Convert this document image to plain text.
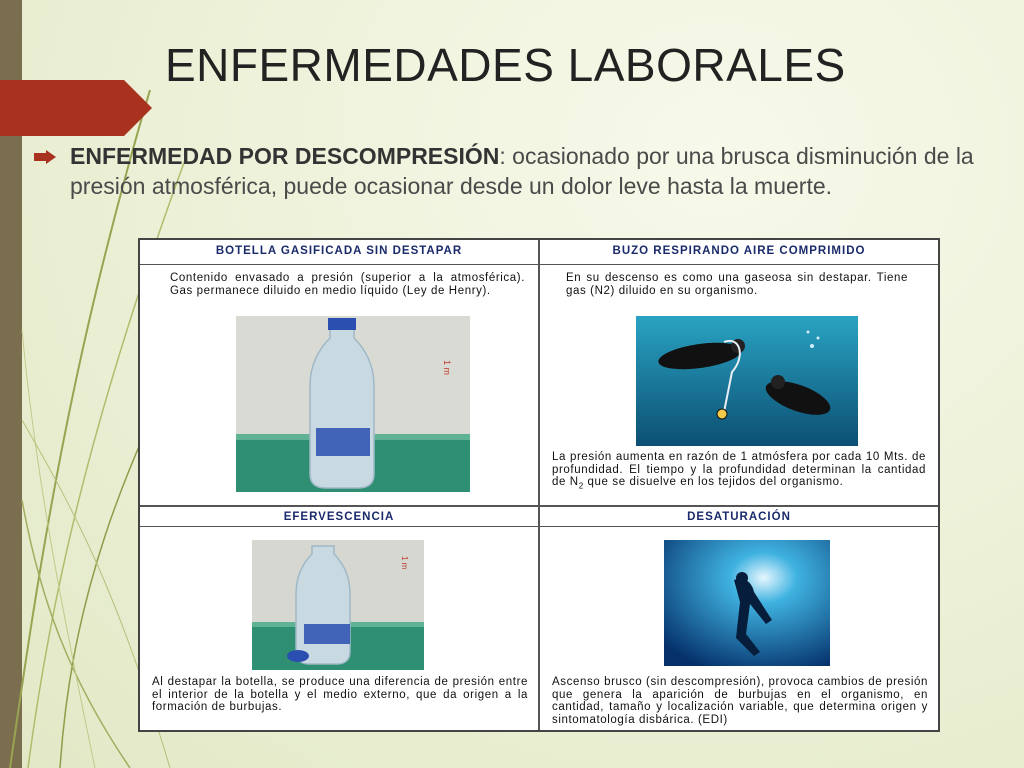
ENFERMEDADES LABORALES

ENFERMEDAD POR DESCOMPRESIÓN: ocasionado por una brusca disminución de la presión atmosférica, puede ocasionar desde un dolor leve hasta la muerte.

BOTELLA GASIFICADA SIN DESTAPAR
Contenido envasado a presión (superior a la atmosférica). Gas permanece diluido en medio líquido (Ley de Henry).
1 m
BUZO RESPIRANDO AIRE COMPRIMIDO
En su descenso es como una gaseosa sin destapar. Tiene gas (N2) diluido en su organismo.
La presión aumenta en razón de 1 atmósfera por cada 10 Mts. de profundidad. El tiempo y la profundidad determinan la cantidad de $N_2$ que se disuelve en los tejidos del organismo.
EFERVESCENCIA
1 m
Al destapar la botella, se produce una diferencia de presión entre el interior de la botella y el medio externo, que da origen a la formación de burbujas.
DESATURACIÓN
Ascenso brusco (sin descompresión), provoca cambios de presión que genera la aparición de burbujas en el organismo, en cantidad, tamaño y localización variable, que determina origen y sintomatología disbárica. (EDI)
